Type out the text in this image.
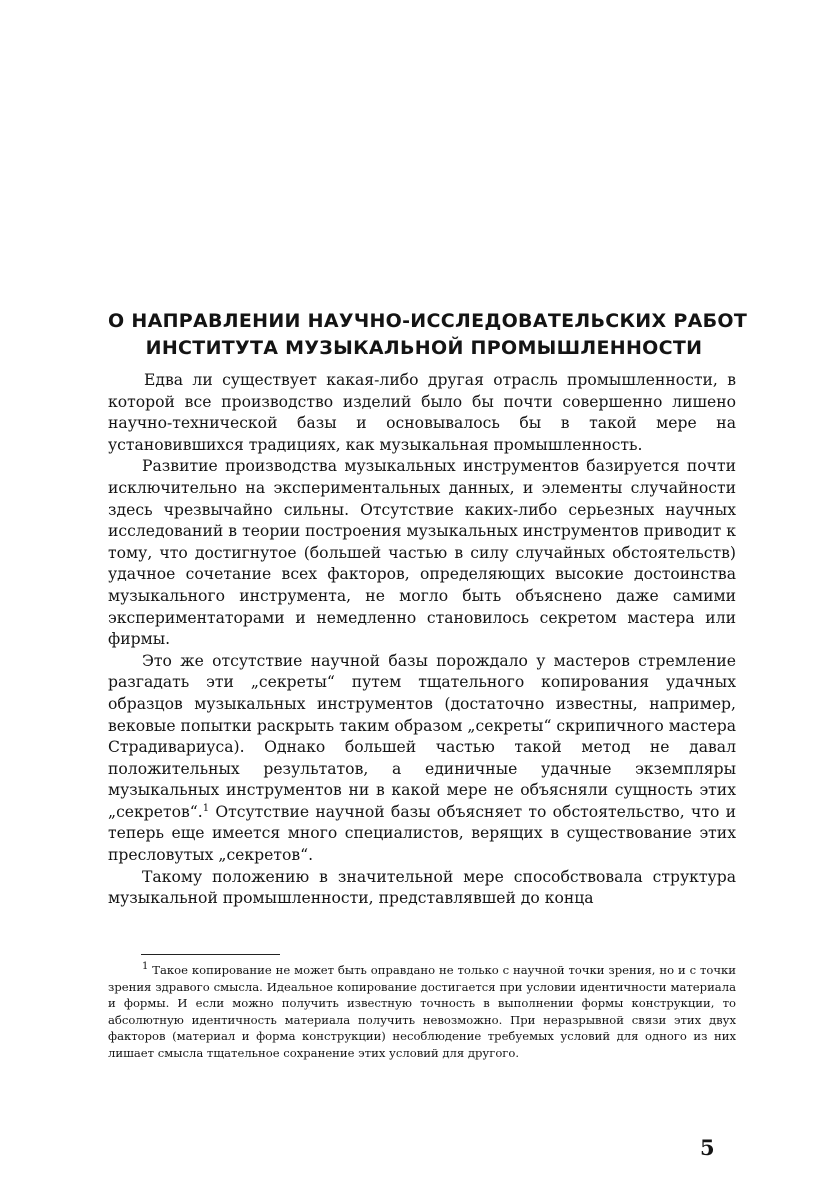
О НАПРАВЛЕНИИ НАУЧНО-ИССЛЕДОВАТЕЛЬСКИХ РАБОТ
ИНСТИТУТА МУЗЫКАЛЬНОЙ ПРОМЫШЛЕННОСТИ

Едва ли существует какая-либо другая отрасль промышленности, в которой все производство изделий было бы почти совершенно лишено научно-технической базы и основывалось бы в такой мере на установившихся традициях, как музыкальная промышленность.

Развитие производства музыкальных инструментов базируется почти исключительно на экспериментальных данных, и элементы случайности здесь чрезвычайно сильны. Отсутствие каких-либо серьезных научных исследований в теории построения музыкальных инструментов приводит к тому, что достигнутое (большей частью в силу случайных обстоятельств) удачное сочетание всех факторов, определяющих высокие достоинства музыкального инструмента, не могло быть объяснено даже самими экспериментаторами и немедленно становилось секретом мастера или фирмы.

Это же отсутствие научной базы порождало у мастеров стремление разгадать эти „секреты“ путем тщательного копирования удачных образцов музыкальных инструментов (достаточно известны, например, вековые попытки раскрыть таким образом „секреты“ скрипичного мастера Страдивариуса). Однако большей частью такой метод не давал положительных результатов, а единичные удачные экземпляры музыкальных инструментов ни в какой мере не объясняли сущность этих „секретов“.$^1$ Отсутствие научной базы объясняет то обстоятельство, что и теперь еще имеется много специалистов, верящих в существование этих пресловутых „секретов“.

Такому положению в значительной мере способствовала структура музыкальной промышленности, представлявшей до конца

1 Такое копирование не может быть оправдано не только с научной точки зрения, но и с точки зрения здравого смысла. Идеальное копирование достигается при условии идентичности материала и формы. И если можно получить известную точность в выполнении формы конструкции, то абсолютную идентичность материала получить невозможно. При неразрывной связи этих двух факторов (материал и форма конструкции) несоблюдение требуемых условий для одного из них лишает смысла тщательное сохранение этих условий для другого.

5
